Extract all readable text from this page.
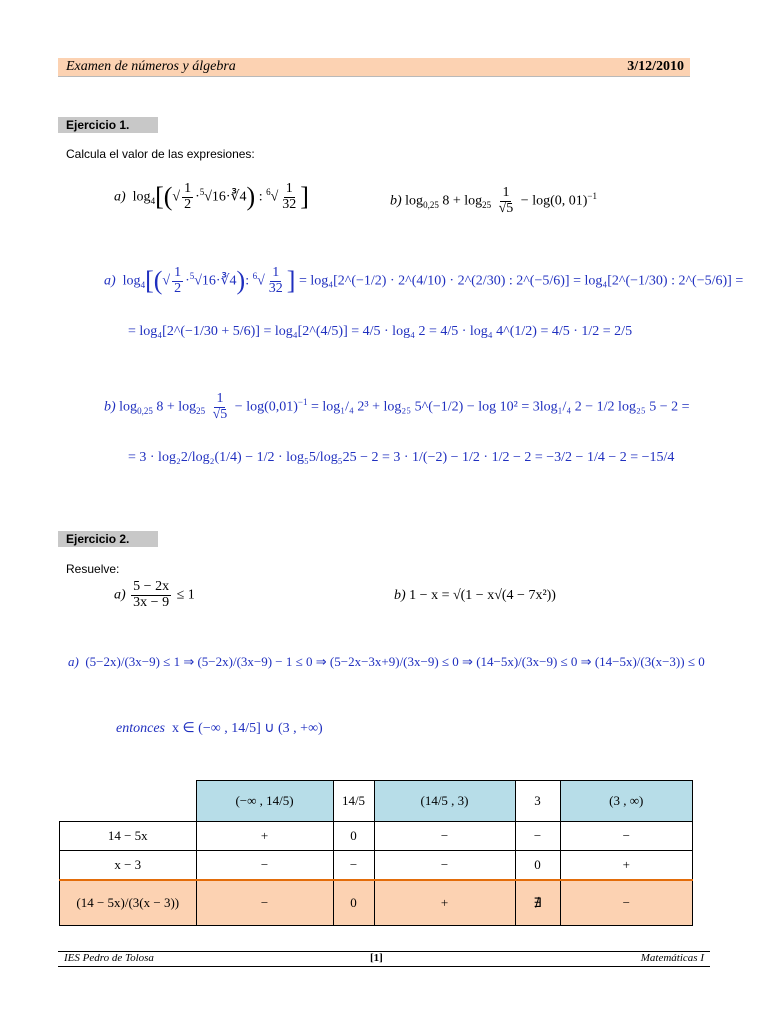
Examen de números y álgebra	3/12/2010
Ejercicio 1.
Calcula el valor de las expresiones:
a)  $\log_4[(√ \frac{1}{2}$ ·$^5$√16·∛4) : $^6√ \frac{1}{32}$ ]	b) $\log_{0,25} 8 + \log_{25} \frac{1}{√5} - \log(0$, 01)$^{-1}$
a)  $\log_4[(√ \frac{1}{2}$ ·$^5$√16·∛4): $^6√ \frac{1}{32}$ ] = log₄[2^(−1/2) · 2^(4/10) · 2^(2/30) : 2^(−5/6)] = log₄[2^(−1/30) : 2^(−5/6)] =
= log₄[2^(−1/30 + 5/6)] = log₄[2^(4/5)] = 4/5 · log₄ 2 = 4/5 · log₄ 4^(1/2) = 4/5 · 1/2 = 2/5
b) $\log_{0,25} 8 + \log_{25} \frac{1}{√5} - \log(0,01)^{-1} = \log_1/_4$ 2³ + log₂₅ 5^(−1/2) − log 10² = 3log₁/₄ 2 − 1/2 log₂₅ 5 − 2 =
= 3 · log₂2/log₂(1/4) − 1/2 · log₅5/log₅25 − 2 = 3 · 1/(−2) − 1/2 · 1/2 − 2 = −3/2 − 1/4 − 2 = −15/4
Ejercicio 2.
Resuelve:
$a) \frac{5 - 2x}{3x - 9} \le 1$	b) 1 − x = √(1 − x√(4 − 7x²))
a) (5−2x)/(3x−9) ≤ 1 ⇒ (5−2x)/(3x−9) − 1 ≤ 0 ⇒ (5−2x−3x+9)/(3x−9) ≤ 0 ⇒ (14−5x)/(3x−9) ≤ 0 ⇒ (14−5x)/(3(x−3)) ≤ 0
entonces x ∈ (−∞ , 14/5] ∪ (3 , +∞)
	(−∞ , 14/5)	14/5	(14/5 , 3)	3	(3 , ∞)
14 − 5x	+	0	−	−	−
x − 3	−	−	−	0	+
(14 − 5x)/(3(x − 3))	−	0	+	∄	−
IES Pedro de Tolosa	[1]	Matemáticas I
